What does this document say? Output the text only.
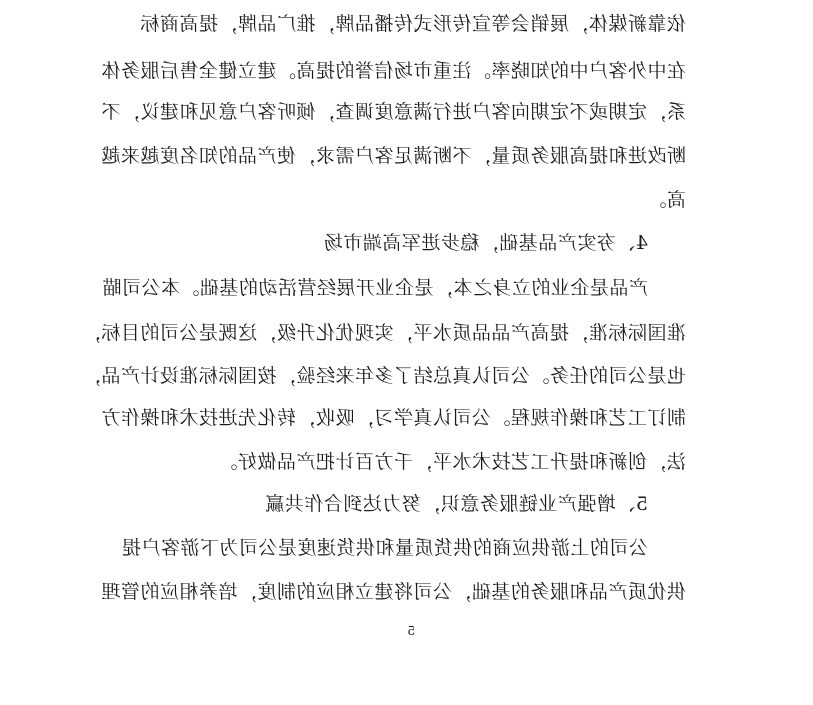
依靠新媒体，展销会等宣传形式传播品牌，推广品牌，提高商标
在中外客户中的知晓率。注重市场信誉的提高。建立健全售后服务体
系，定期或不定期向客户进行满意度调查，倾听客户意见和建议，不
断改进和提高服务质量，不断满足客户需求，使产品的知名度越来越
高。
4、夯实产品基础，稳步进军高端市场
产品是企业的立身之本，是企业开展经营活动的基础。本公司瞄
准国际标准，提高产品品质水平，实现优化升级，这既是公司的目标，
也是公司的任务。公司认真总结了多年来经验，按国际标准设计产品，
制订工艺和操作规程。公司认真学习，吸收，转化先进技术和操作方
法，创新和提升工艺技术水平，千方百计把产品做好。
5、增强产业链服务意识，努力达到合作共赢
公司的上游供应商的供货质量和供货速度是公司为下游客户提
供优质产品和服务的基础，公司将建立相应的制度，培养相应的管理
5
